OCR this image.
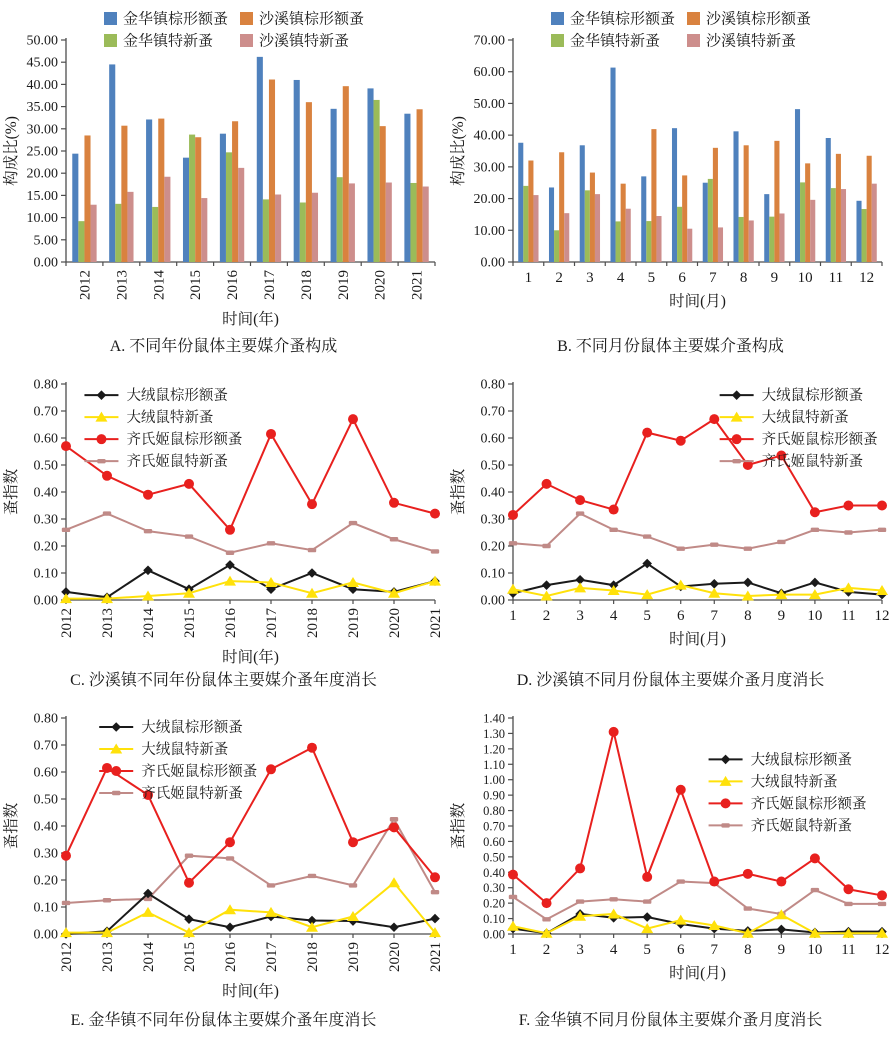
0.00
5.00
10.00
15.00
20.00
25.00
30.00
35.00
40.00
45.00
50.00
构成比(%)
时间(年)
2012 2013 2014 2015 2016 2017 2018 2019 2020 2021
金华镇棕形额蚤
金华镇特新蚤
沙溪镇棕形额蚤
沙溪镇特新蚤
A. 不同年份鼠体主要媒介蚤构成
0.00
10.00
20.00
30.00
40.00
50.00
60.00
70.00
构成比(%)
时间(月)
1 2 3 4 5 6 7 8 9 10 11 12
金华镇棕形额蚤
金华镇特新蚤
沙溪镇棕形额蚤
沙溪镇特新蚤
B. 不同月份鼠体主要媒介蚤构成
0.00
0.10
0.20
0.30
0.40
0.50
0.60
0.70
0.80
蚤指数
时间(年)
2012 2013 2014 2015 2016 2017 2018 2019 2020 2021
大绒鼠棕形额蚤
大绒鼠特新蚤
齐氏姬鼠棕形额蚤
齐氏姬鼠特新蚤
C. 沙溪镇不同年份鼠体主要媒介蚤年度消长
0.00
0.10
0.20
0.30
0.40
0.50
0.60
0.70
0.80
蚤指数
时间(月)
1 2 3 4 5 6 7 8 9 10 11 12
大绒鼠棕形额蚤
大绒鼠特新蚤
齐氏姬鼠棕形额蚤
齐氏姬鼠特新蚤
D. 沙溪镇不同月份鼠体主要媒介蚤月度消长
0.00
0.10
0.20
0.30
0.40
0.50
0.60
0.70
0.80
蚤指数
时间(年)
2012 2013 2014 2015 2016 2017 2018 2019 2020 2021
大绒鼠棕形额蚤
大绒鼠特新蚤
齐氏姬鼠棕形额蚤
齐氏姬鼠特新蚤
E. 金华镇不同年份鼠体主要媒介蚤年度消长
0.00
0.10
0.20
0.30
0.40
0.50
0.60
0.70
0.80
0.90
1.00
1.10
1.20
1.30
1.40
蚤指数
时间(月)
1 2 3 4 5 6 7 8 9 10 11 12
大绒鼠棕形额蚤
大绒鼠特新蚤
齐氏姬鼠棕形额蚤
齐氏姬鼠特新蚤
F. 金华镇不同月份鼠体主要媒介蚤月度消长
